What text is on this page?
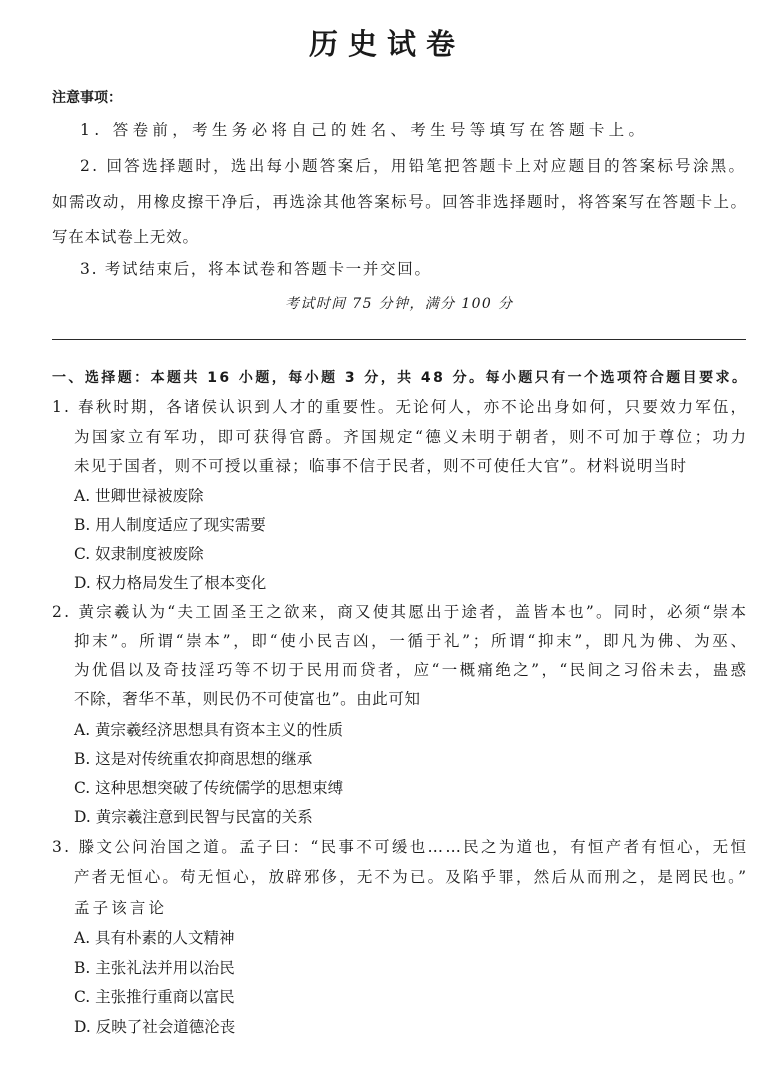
历史试卷
注意事项：
1. 答卷前，考生务必将自己的姓名、考生号等填写在答题卡上。
2. 回答选择题时，选出每小题答案后，用铅笔把答题卡上对应题目的答案标号涂黑。
如需改动，用橡皮擦干净后，再选涂其他答案标号。回答非选择题时，将答案写在答题卡上。
写在本试卷上无效。
3. 考试结束后，将本试卷和答题卡一并交回。
考试时间 75 分钟，满分 100 分
一、选择题：本题共 16 小题，每小题 3 分，共 48 分。每小题只有一个选项符合题目要求。
1. 春秋时期，各诸侯认识到人才的重要性。无论何人，亦不论出身如何，只要效力军伍，
为国家立有军功，即可获得官爵。齐国规定“德义未明于朝者，则不可加于尊位；功力
未见于国者，则不可授以重禄；临事不信于民者，则不可使任大官”。材料说明当时
A. 世卿世禄被废除
B. 用人制度适应了现实需要
C. 奴隶制度被废除
D. 权力格局发生了根本变化
2. 黄宗羲认为“夫工固圣王之欲来，商又使其愿出于途者，盖皆本也”。同时，必须“崇本
抑末”。所谓“崇本”，即“使小民吉凶，一循于礼”；所谓“抑末”，即凡为佛、为巫、
为优倡以及奇技淫巧等不切于民用而贷者，应“一概痛绝之”，“民间之习俗未去，蛊惑
不除，奢华不革，则民仍不可使富也”。由此可知
A. 黄宗羲经济思想具有资本主义的性质
B. 这是对传统重农抑商思想的继承
C. 这种思想突破了传统儒学的思想束缚
D. 黄宗羲注意到民智与民富的关系
3. 滕文公问治国之道。孟子曰：“民事不可缓也……民之为道也，有恒产者有恒心，无恒
产者无恒心。苟无恒心，放辟邪侈，无不为已。及陷乎罪，然后从而刑之，是罔民也。”
孟子该言论
A. 具有朴素的人文精神
B. 主张礼法并用以治民
C. 主张推行重商以富民
D. 反映了社会道德沦丧
